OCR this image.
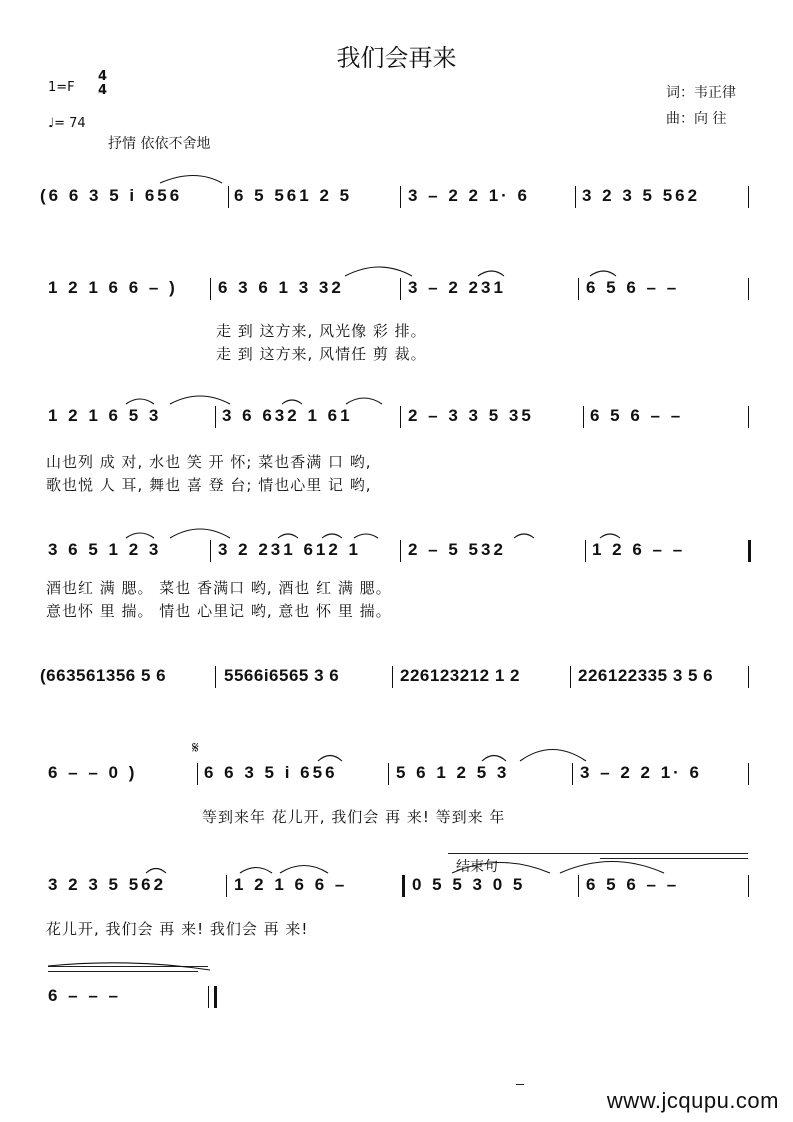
我们会再来
1=F
4
4
♩= 74
抒情 依依不舍地
词：韦正律
曲：向 往
(6 6 3 5 i 656	6 5 561 2 5	3 – 2 2 1· 6	3 2 3 5 562
1 2 1 6 6 – ) 6 3 6 1 3 32	3 – 2 231	6 5 6 – –
走 到 这方来, 风光像 彩 排。
走 到 这方来, 风情任 剪 裁。
1 2 1 6 5 3	3 6 632 1 61	2 – 3 3 5 35	6 5 6 – –
山也列 成 对, 水也 笑 开 怀; 菜也香满 口 哟,
歌也悦 人 耳, 舞也 喜 登 台; 情也心里 记 哟,
3 6 5 1 2 3	3 2 231 612 1	2 – 5 532	1 2 6 – –
酒也红 满 腮。 菜也 香满口 哟, 酒也 红 满 腮。
意也怀 里 揣。 情也 心里记 哟, 意也 怀 里 揣。
(663561356 5 6	5566i6565 3 6	226123212 1 2	226122335 3 5 6
𝄋
6 – – 0 )	6 6 3 5 i 656	5 6 1 2 5 3	3 – 2 2 1· 6
等到来年 花儿开, 我们会 再 来! 等到来 年
结束句
3 2 3 5 562	1 2 1 6 6 –	0 5 5 3 0 5	6 5 6 – –
花儿开, 我们会 再 来! 我们会 再 来!
6 – – –
www.jcqupu.com
